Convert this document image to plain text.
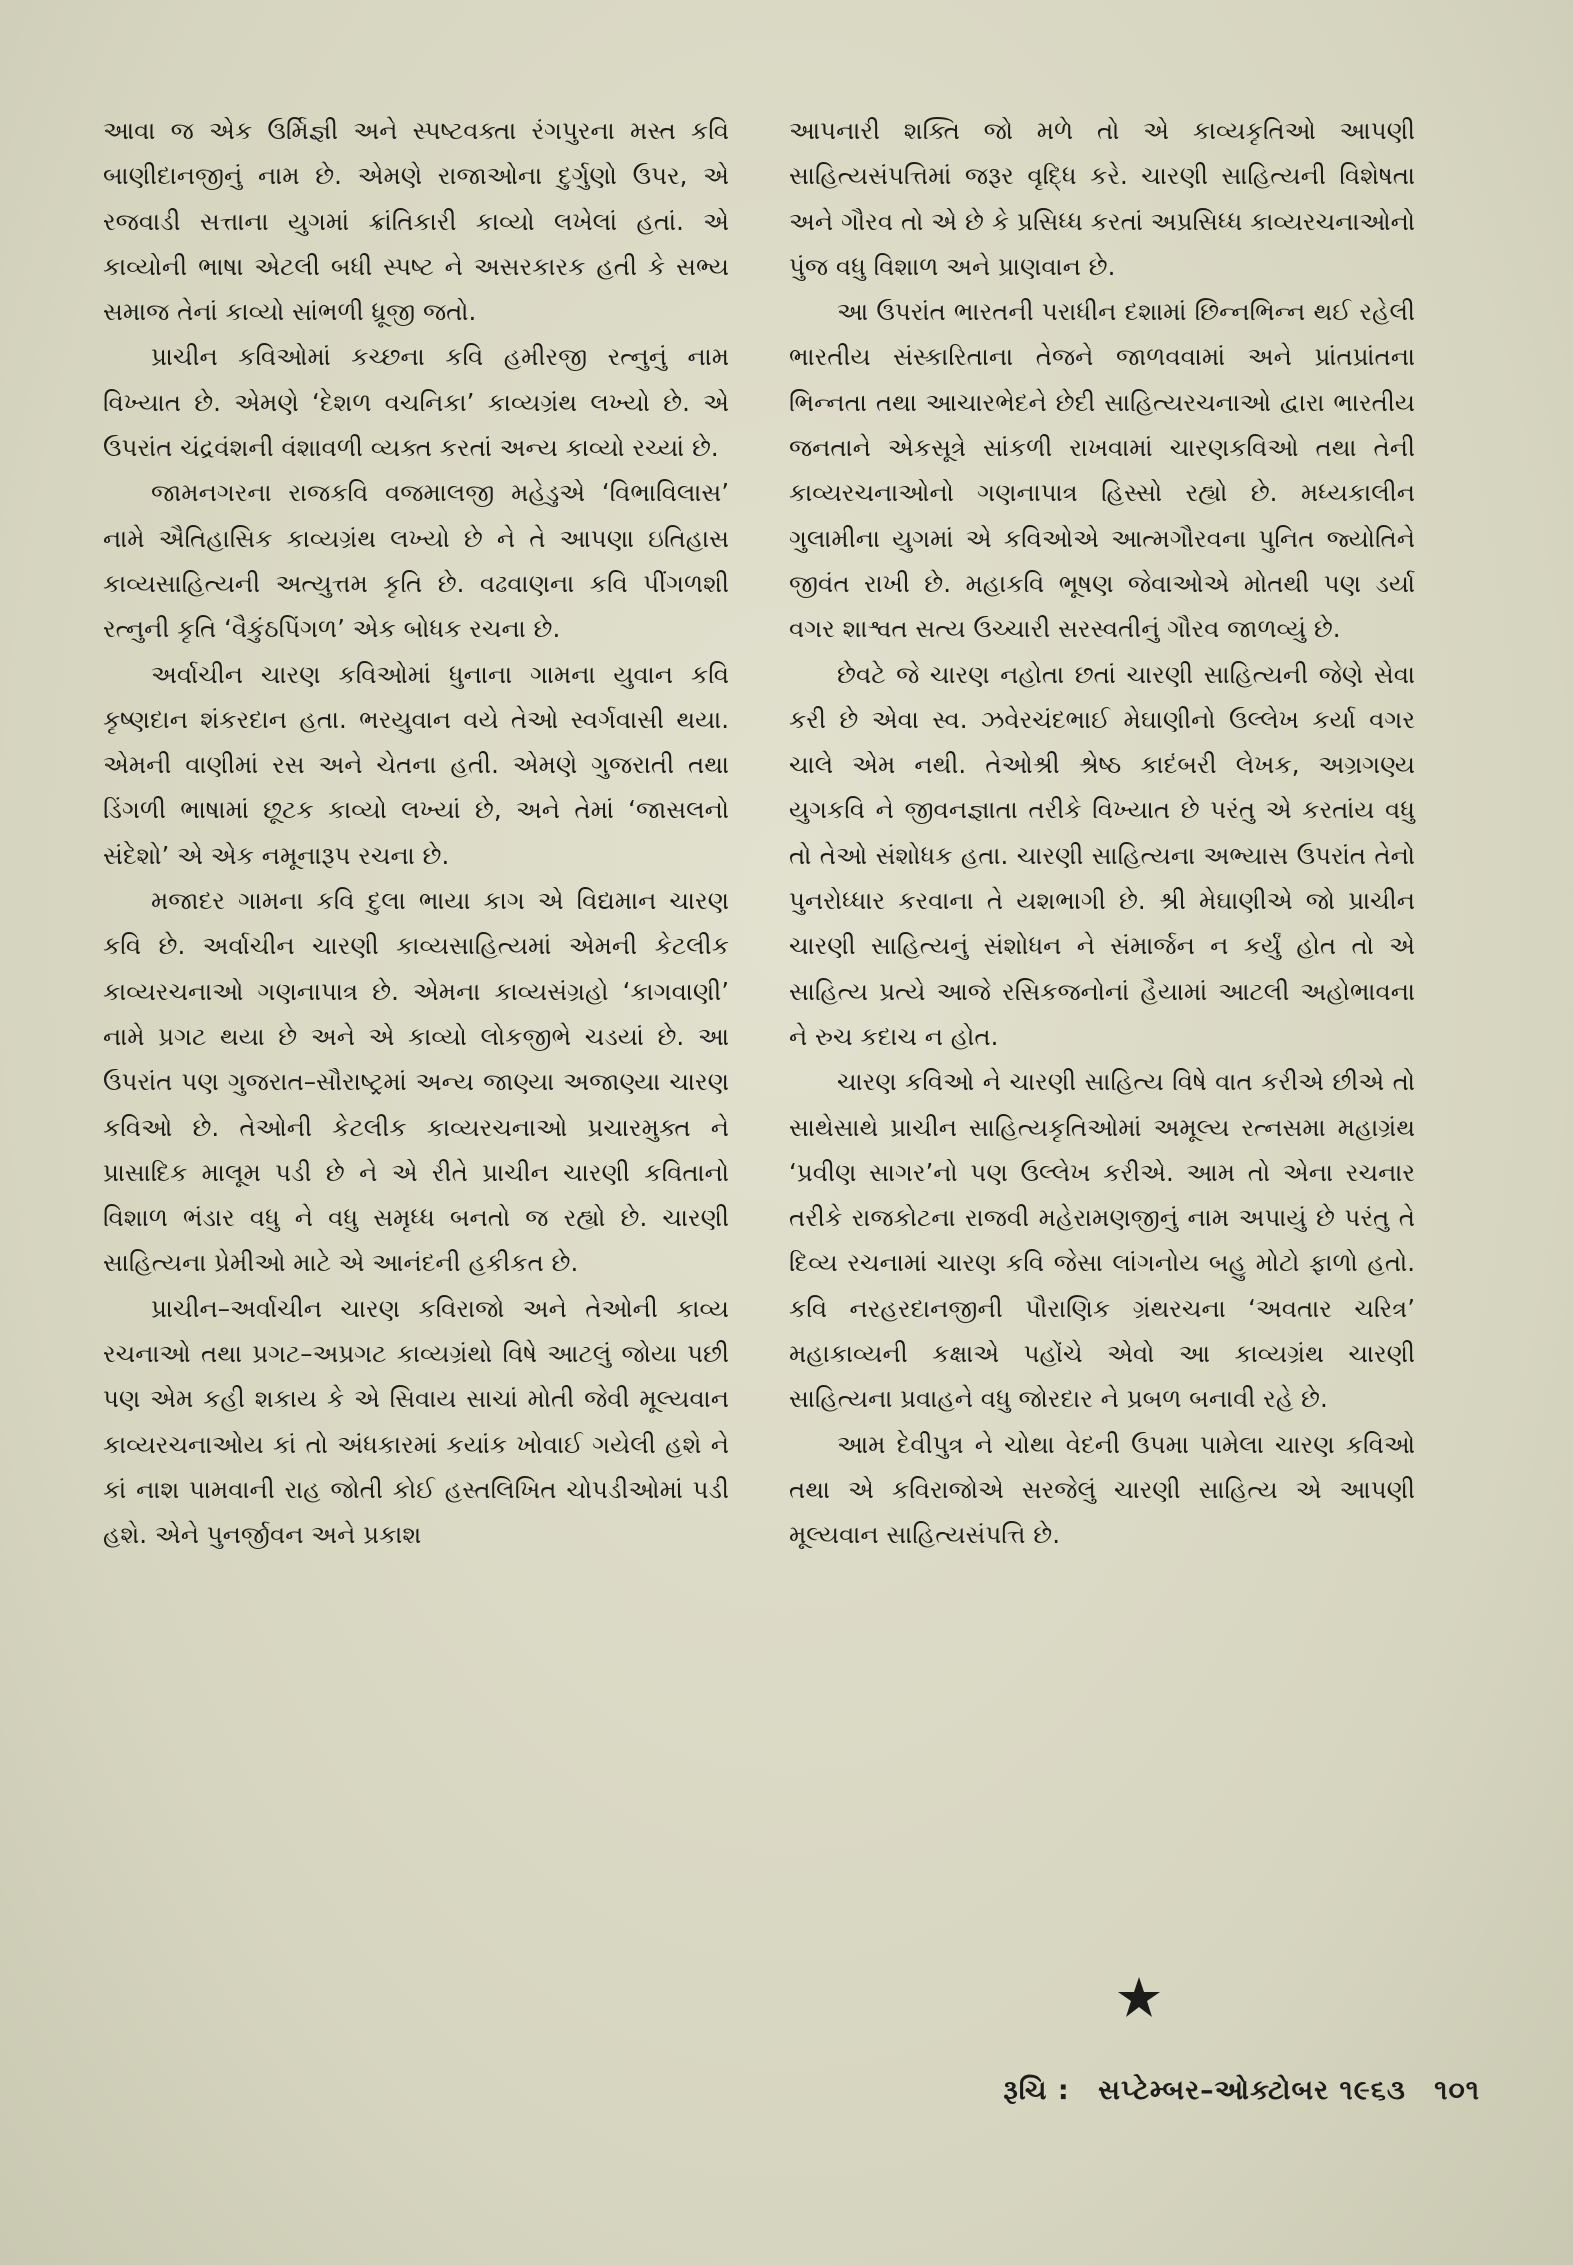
આવા જ એક ઉર્મિજ્ઞી અને સ્પષ્ટવક્તા રંગપુરના મસ્ત કવિ બાણીદાનજીનું નામ છે. એમણે રાજાઓના દુર્ગુણો ઉપર, એ રજવાડી સત્તાના યુગમાં ક્રાંતિકારી કાવ્યો લખેલાં હતાં. એ કાવ્યોની ભાષા એટલી બધી સ્પષ્ટ ને અસરકારક હતી કે સભ્ય સમાજ તેનાં કાવ્યો સાંભળી ધ્રૂજી જતો.

પ્રાચીન કવિઓમાં કચ્છના કવિ હમીરજી રત્નુનું નામ વિખ્યાત છે. એમણે ‘દેશળ વચનિકા’ કાવ્યગ્રંથ લખ્યો છે. એ ઉપરાંત ચંદ્રવંશની વંશાવળી વ્યક્ત કરતાં અન્ય કાવ્યો રચ્યાં છે.

જામનગરના રાજકવિ વજમાલજી મહેડુએ ‘વિભાવિલાસ’ નામે ઐતિહાસિક કાવ્યગ્રંથ લખ્યો છે ને તે આપણા ઇતિહાસ કાવ્યસાહિત્યની અત્યુત્તમ કૃતિ છે. વઢવાણના કવિ પીંગળશી રત્નુની કૃતિ ‘વૈકુંઠપિંગળ’ એક બોધક રચના છે.

અર્વાચીન ચારણ કવિઓમાં ધુનાના ગામના યુવાન કવિ કૃષ્ણદાન શંકરદાન હતા. ભરયુવાન વયે તેઓ સ્વર્ગવાસી થયા. એમની વાણીમાં રસ અને ચેતના હતી. એમણે ગુજરાતી તથા ડિંગળી ભાષામાં છૂટક કાવ્યો લખ્યાં છે, અને તેમાં ‘જાસલનો સંદેશો’ એ એક નમૂનારૂપ રચના છે.

મજાદર ગામના કવિ દુલા ભાયા કાગ એ વિદ્યમાન ચારણ કવિ છે. અર્વાચીન ચારણી કાવ્યસાહિત્યમાં એમની કેટલીક કાવ્યરચનાઓ ગણનાપાત્ર છે. એમના કાવ્યસંગ્રહો ‘કાગવાણી’ નામે પ્રગટ થયા છે અને એ કાવ્યો લોકજીભે ચડયાં છે. આ ઉપરાંત પણ ગુજરાત–સૌરાષ્ટ્રમાં અન્ય જાણ્યા અજાણ્યા ચારણ કવિઓ છે. તેઓની કેટલીક કાવ્યરચનાઓ પ્રચારમુક્ત ને પ્રાસાદિક માલૂમ પડી છે ને એ રીતે પ્રાચીન ચારણી કવિતાનો વિશાળ ભંડાર વધુ ને વધુ સમૃધ્ધ બનતો જ રહ્યો છે. ચારણી સાહિત્યના પ્રેમીઓ માટે એ આનંદની હકીકત છે.

પ્રાચીન–અર્વાચીન ચારણ કવિરાજો અને તેઓની કાવ્ય રચનાઓ તથા પ્રગટ–અપ્રગટ કાવ્યગ્રંથો વિષે આટલું જોયા પછી પણ એમ કહી શકાય કે એ સિવાય સાચાં મોતી જેવી મૂલ્યવાન કાવ્યરચનાઓય કાં તો અંધકારમાં કયાંક ખોવાઈ ગયેલી હશે ને કાં નાશ પામવાની રાહ જોતી કોઈ હસ્તલિખિત ચોપડીઓમાં પડી હશે. એને પુનર્જીવન અને પ્રકાશ

આપનારી શક્તિ જો મળે તો એ કાવ્યકૃતિઓ આપણી સાહિત્યસંપત્તિમાં જરૂર વૃદ્ધિ કરે. ચારણી સાહિત્યની વિશેષતા અને ગૌરવ તો એ છે કે પ્રસિધ્ધ કરતાં અપ્રસિધ્ધ કાવ્યરચનાઓનો પુંજ વધુ વિશાળ અને પ્રાણવાન છે.

આ ઉપરાંત ભારતની પરાધીન દશામાં છિન્નભિન્ન થઈ રહેલી ભારતીય સંસ્કારિતાના તેજને જાળવવામાં અને પ્રાંતપ્રાંતના ભિન્નતા તથા આચારભેદને છેદી સાહિત્યરચનાઓ દ્વારા ભારતીય જનતાને એકસૂત્રે સાંકળી રાખવામાં ચારણકવિઓ તથા તેની કાવ્યરચનાઓનો ગણનાપાત્ર હિસ્સો રહ્યો છે. મધ્યકાલીન ગુલામીના યુગમાં એ કવિઓએ આત્મગૌરવના પુનિત જ્યોતિને જીવંત રાખી છે. મહાકવિ ભૂષણ જેવાઓએ મોતથી પણ ડર્યા વગર શાશ્વત સત્ય ઉચ્ચારી સરસ્વતીનું ગૌરવ જાળવ્યું છે.

છેવટે જે ચારણ નહોતા છતાં ચારણી સાહિત્યની જેણે સેવા કરી છે એવા સ્વ. ઝવેરચંદભાઈ મેઘાણીનો ઉલ્લેખ કર્યા વગર ચાલે એમ નથી. તેઓશ્રી શ્રેષ્ઠ કાદંબરી લેખક, અગ્રગણ્ય યુગકવિ ને જીવનજ્ઞાતા તરીકે વિખ્યાત છે પરંતુ એ કરતાંય વધુ તો તેઓ સંશોધક હતા. ચારણી સાહિત્યના અભ્યાસ ઉપરાંત તેનો પુનરોધ્ધાર કરવાના તે યશભાગી છે. શ્રી મેઘાણીએ જો પ્રાચીન ચારણી સાહિત્યનું સંશોધન ને સંમાર્જન ન કર્યું હોત તો એ સાહિત્ય પ્રત્યે આજે રસિકજનોનાં હૈયામાં આટલી અહોભાવના ને રુચ કદાચ ન હોત.

ચારણ કવિઓ ને ચારણી સાહિત્ય વિષે વાત કરીએ છીએ તો સાથેસાથે પ્રાચીન સાહિત્યકૃતિઓમાં અમૂલ્ય રત્નસમા મહાગ્રંથ ‘પ્રવીણ સાગર’નો પણ ઉલ્લેખ કરીએ. આમ તો એના રચનાર તરીકે રાજકોટના રાજવી મહેરામણજીનું નામ અપાયું છે પરંતુ તે દિવ્ય રચનામાં ચારણ કવિ જેસા લાંગનોય બહુ મોટો ફાળો હતો. કવિ નરહરદાનજીની પૌરાણિક ગ્રંથરચના ‘અવતાર ચરિત્ર’ મહાકાવ્યની કક્ષાએ પહોંચે એવો આ કાવ્યગ્રંથ ચારણી સાહિત્યના પ્રવાહને વધુ જોરદાર ને પ્રબળ બનાવી રહે છે.

આમ દેવીપુત્ર ને ચોથા વેદની ઉપમા પામેલા ચારણ કવિઓ તથા એ કવિરાજોએ સરજેલું ચારણી સાહિત્ય એ આપણી મૂલ્યવાન સાહિત્યસંપત્તિ છે.

રૂચિ : સપ્ટેમ્બર–ઓક્ટોબર ૧૯૬૩ ૧૦૧
